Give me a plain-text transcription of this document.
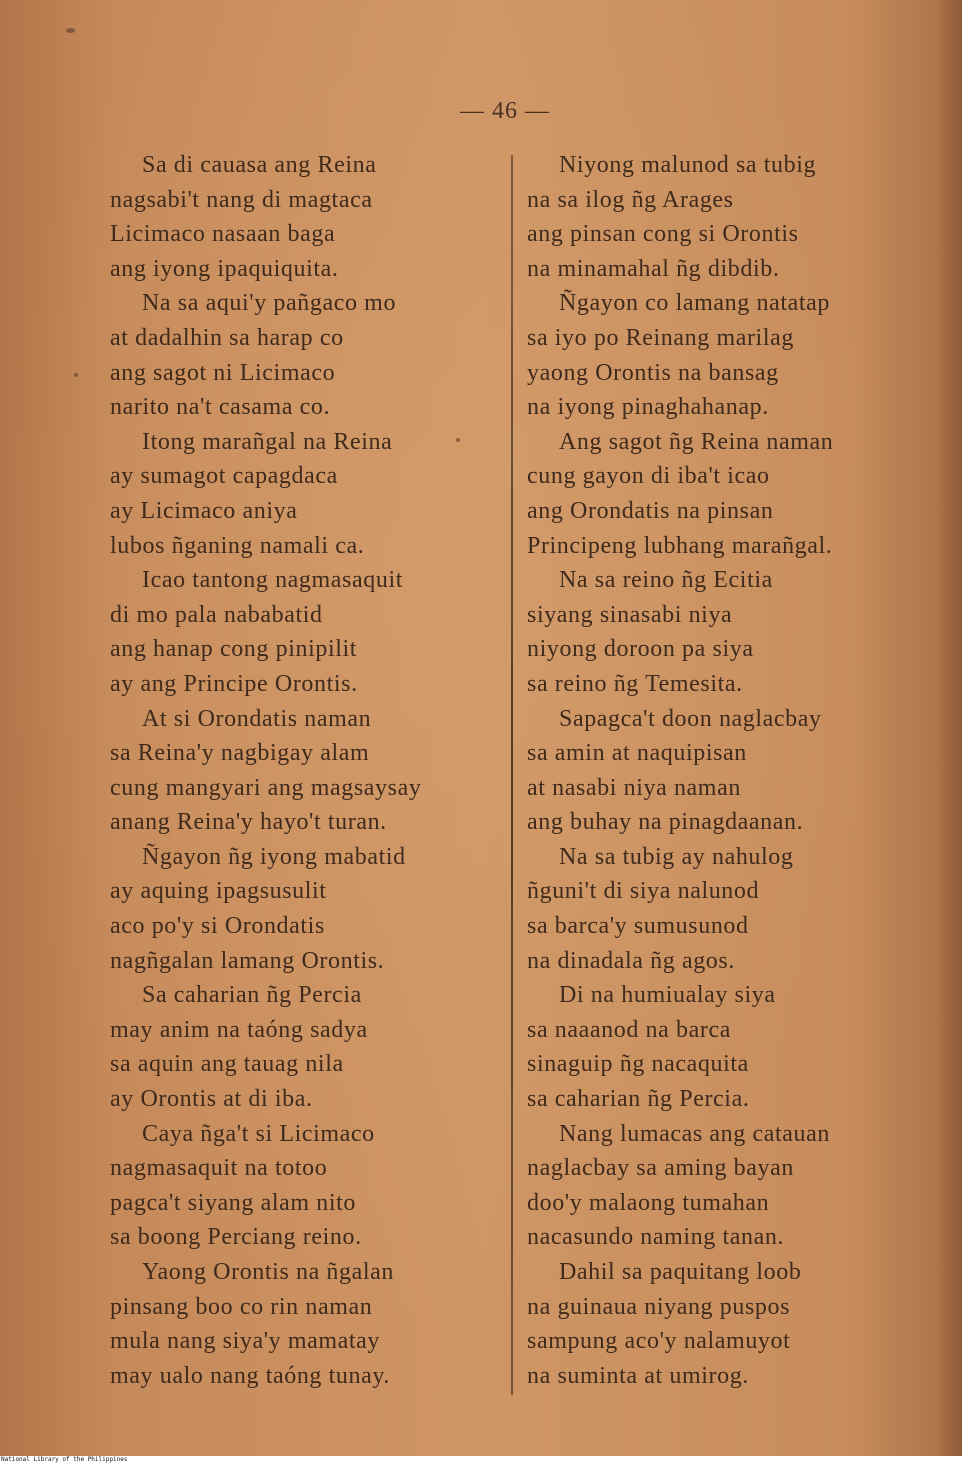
— 46 —
Sa di cauasa ang Reina
nagsabi't nang di magtaca
Licimaco nasaan baga
ang iyong ipaquiquita.
Na sa aqui'y pañgaco mo
at dadalhin sa harap co
ang sagot ni Licimaco
narito na't casama co.
Itong marañgal na Reina
ay sumagot capagdaca
ay Licimaco aniya
lubos ñganing namali ca.
Icao tantong nagmasaquit
di mo pala nababatid
ang hanap cong pinipilit
ay ang Principe Orontis.
At si Orondatis naman
sa Reina'y nagbigay alam
cung mangyari ang magsaysay
anang Reina'y hayo't turan.
Ñgayon ñg iyong mabatid
ay aquing ipagsusulit
aco po'y si Orondatis
nagñgalan lamang Orontis.
Sa caharian ñg Percia
may anim na taóng sadya
sa aquin ang tauag nila
ay Orontis at di iba.
Caya ñga't si Licimaco
nagmasaquit na totoo
pagca't siyang alam nito
sa boong Perciang reino.
Yaong Orontis na ñgalan
pinsang boo co rin naman
mula nang siya'y mamatay
may ualo nang taóng tunay.
Niyong malunod sa tubig
na sa ilog ñg Arages
ang pinsan cong si Orontis
na minamahal ñg dibdib.
Ñgayon co lamang natatap
sa iyo po Reinang marilag
yaong Orontis na bansag
na iyong pinaghahanap.
Ang sagot ñg Reina naman
cung gayon di iba't icao
ang Orondatis na pinsan
Principeng lubhang marañgal.
Na sa reino ñg Ecitia
siyang sinasabi niya
niyong doroon pa siya
sa reino ñg Temesita.
Sapagca't doon naglacbay
sa amin at naquipisan
at nasabi niya naman
ang buhay na pinagdaanan.
Na sa tubig ay nahulog
ñguni't di siya nalunod
sa barca'y sumusunod
na dinadala ñg agos.
Di na humiualay siya
sa naaanod na barca
sinaguip ñg nacaquita
sa caharian ñg Percia.
Nang lumacas ang catauan
naglacbay sa aming bayan
doo'y malaong tumahan
nacasundo naming tanan.
Dahil sa paquitang loob
na guinaua niyang puspos
sampung aco'y nalamuyot
na suminta at umirog.
National Library of the Philippines
